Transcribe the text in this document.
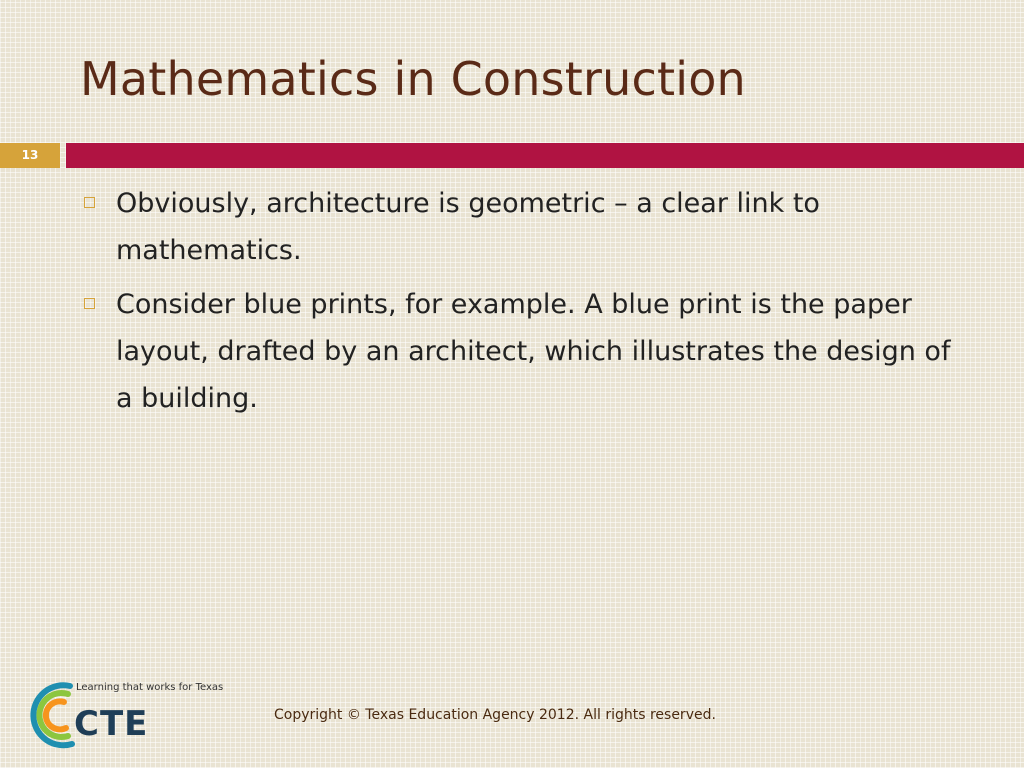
Mathematics in Construction
13
Obviously, architecture is geometric – a clear link to mathematics.
Consider blue prints, for example. A blue print is the paper layout, drafted by an architect, which illustrates the design of a building.
Learning that works for Texas
CTE	Copyright © Texas Education Agency 2012. All rights reserved.
